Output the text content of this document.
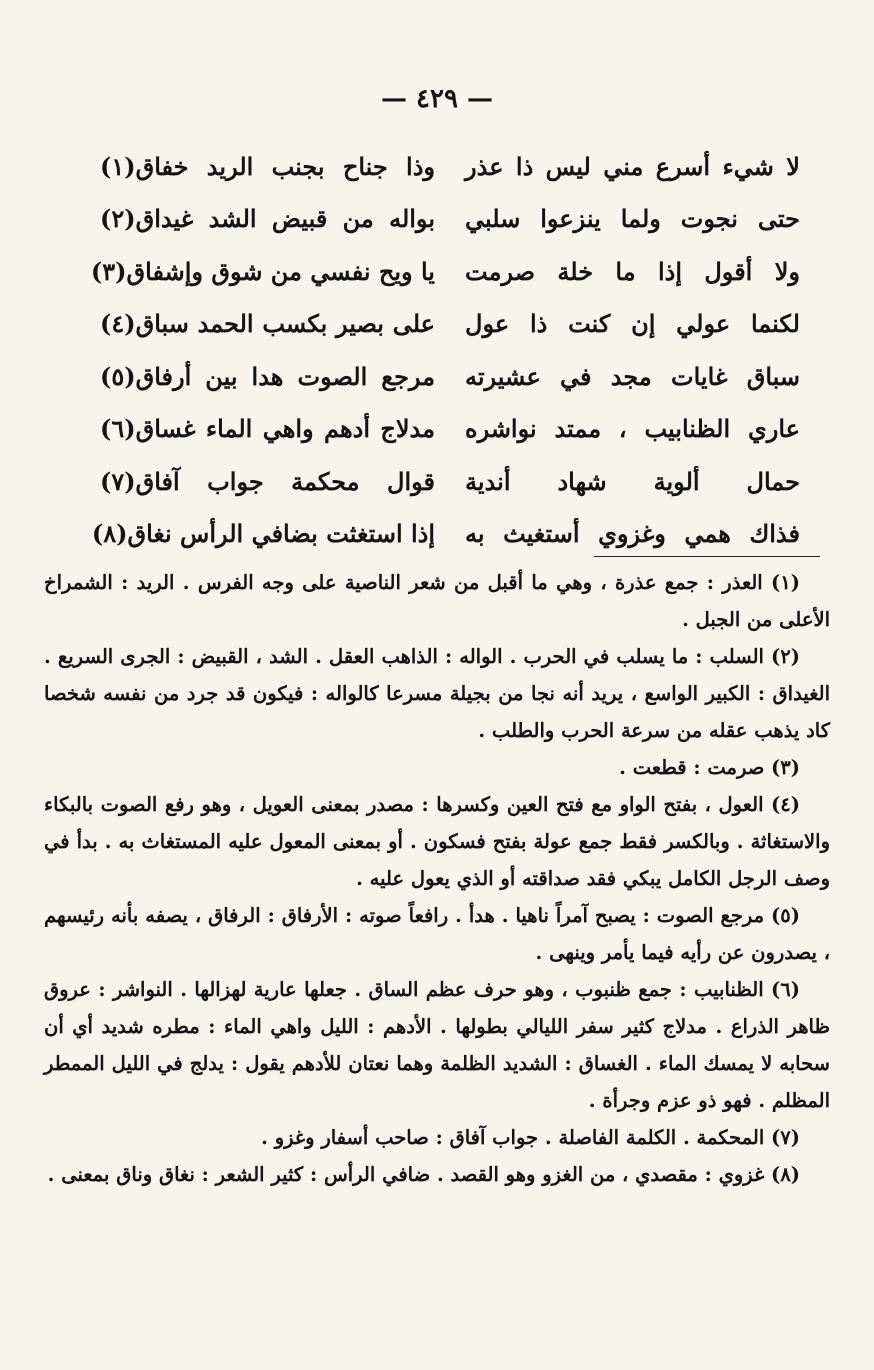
— ٤٢٩ —
لا شيء أسرع مني ليس ذا عذر
وذا جناح بجنب الريد خفاق(١)
حتى نجوت ولما ينزعوا سلبي
بواله من قبيض الشد غيداق(٢)
ولا أقول إذا ما خلة صرمت
يا ويح نفسي من شوق وإشفاق(٣)
لكنما عولي إن كنت ذا عول
على بصير بكسب الحمد سباق(٤)
سباق غايات مجد في عشيرته
مرجع الصوت هدا بين أرفاق(٥)
عاري الظنابيب ، ممتد نواشره
مدلاج أدهم واهي الماء غساق(٦)
حمال ألوية شهاد أندية
قوال محكمة جواب آفاق(٧)
فذاك همي وغزوي أستغيث به
إذا استغثت بضافي الرأس نغاق(٨)

(١) العذر : جمع عذرة ، وهي ما أقبل من شعر الناصية على وجه الفرس . الريد : الشمراخ الأعلى من الجبل .

(٢) السلب : ما يسلب في الحرب . الواله : الذاهب العقل . الشد ، القبيض : الجرى السريع . الغيداق : الكبير الواسع ، يريد أنه نجا من بجيلة مسرعا كالواله : فيكون قد جرد من نفسه شخصا كاد يذهب عقله من سرعة الحرب والطلب .

(٣) صرمت : قطعت .

(٤) العول ، بفتح الواو مع فتح العين وكسرها : مصدر بمعنى العويل ، وهو رفع الصوت بالبكاء والاستغاثة . وبالكسر فقط جمع عولة بفتح فسكون . أو بمعنى المعول عليه المستغاث به . بدأ في وصف الرجل الكامل يبكي فقد صداقته أو الذي يعول عليه .

(٥) مرجع الصوت : يصبح آمراً ناهيا . هدأ . رافعاً صوته : الأرفاق : الرفاق ، يصفه بأنه رئيسهم ، يصدرون عن رأيه فيما يأمر وينهى .

(٦) الظنابيب : جمع ظنبوب ، وهو حرف عظم الساق . جعلها عارية لهزالها . النواشر : عروق ظاهر الذراع . مدلاج كثير سفر الليالي بطولها . الأدهم : الليل واهي الماء : مطره شديد أي أن سحابه لا يمسك الماء . الغساق : الشديد الظلمة وهما نعتان للأدهم يقول : يدلج في الليل الممطر المظلم . فهو ذو عزم وجرأة .

(٧) المحكمة . الكلمة الفاصلة . جواب آفاق : صاحب أسفار وغزو .

(٨) غزوي : مقصدي ، من الغزو وهو القصد . ضافي الرأس : كثير الشعر : نغاق وناق بمعنى .
